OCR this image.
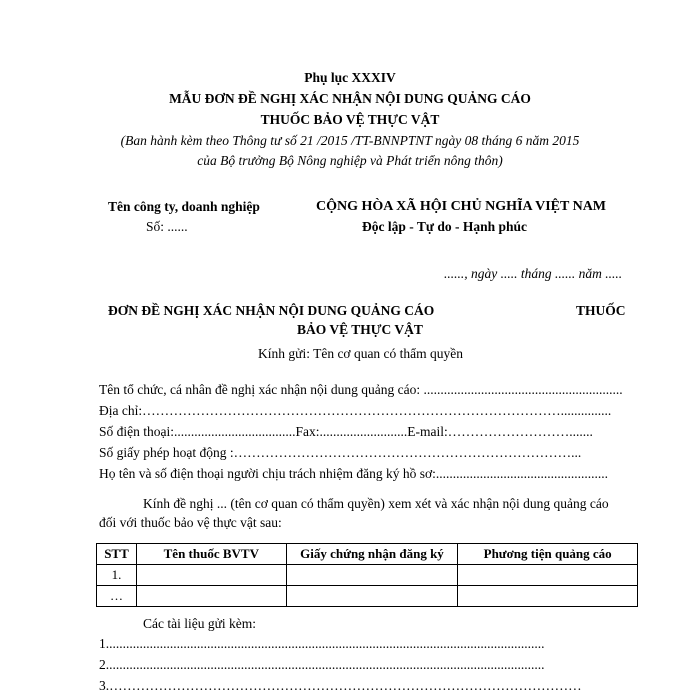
Phụ lục XXXIV
MẪU ĐƠN ĐỀ NGHỊ XÁC NHẬN NỘI DUNG QUẢNG CÁO
THUỐC BẢO VỆ THỰC VẬT
(Ban hành kèm theo Thông tư số 21 /2015 /TT-BNNPTNT ngày 08 tháng 6 năm 2015
của Bộ trưởng Bộ Nông nghiệp và Phát triển nông thôn)
Tên công ty, doanh nghiệp
Số: ......
CỘNG HÒA XÃ HỘI CHỦ NGHĨA VIỆT NAM
Độc lập - Tự do - Hạnh phúc
......, ngày ..... tháng ...... năm .....
ĐƠN ĐỀ NGHỊ XÁC NHẬN NỘI DUNG QUẢNG CÁO	THUỐC
BẢO VỆ THỰC VẬT
Kính gửi: Tên cơ quan có thẩm quyền
Tên tổ chức, cá nhân đề nghị xác nhận nội dung quảng cáo: ...........................................................
Địa chỉ:…………………………………………………………………………………...............
Số điện thoại:....................................Fax:..........................E-mail:……………………….......
Số giấy phép hoạt động :…………………………………………………………………...
Họ tên và số điện thoại người chịu trách nhiệm đăng ký hồ sơ:...................................................
Kính đề nghị ... (tên cơ quan có thẩm quyền) xem xét và xác nhận nội dung quảng cáo
đối với thuốc bảo vệ thực vật sau:
STT	Tên thuốc BVTV	Giấy chứng nhận đăng ký	Phương tiện quảng cáo
1.			
…			
Các tài liệu gửi kèm:
1..................................................................................................................................
2..................................................................................................................................
3.……………………………………………………………………………………………
